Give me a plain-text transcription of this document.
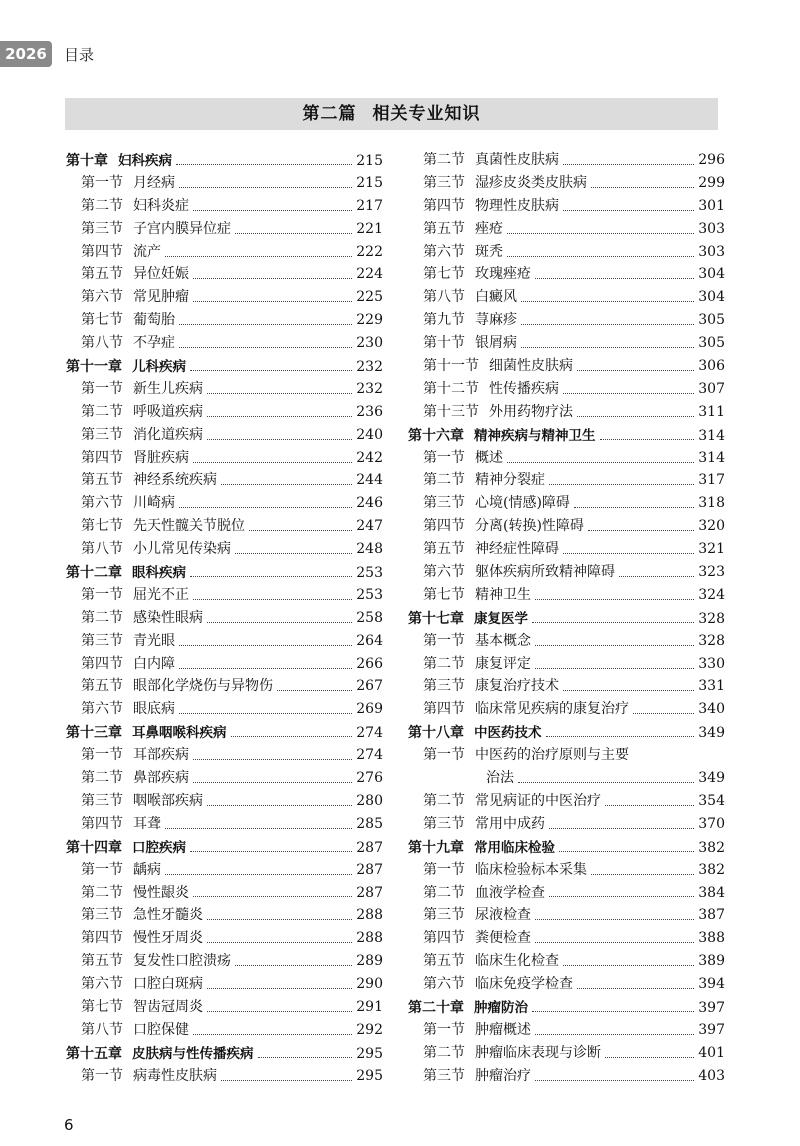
2026	目录
第二篇 相关专业知识
第十章 妇科疾病	215
第一节 月经病	215
第二节 妇科炎症	217
第三节 子宫内膜异位症	221
第四节 流产	222
第五节 异位妊娠	224
第六节 常见肿瘤	225
第七节 葡萄胎	229
第八节 不孕症	230
第十一章 儿科疾病	232
第一节 新生儿疾病	232
第二节 呼吸道疾病	236
第三节 消化道疾病	240
第四节 肾脏疾病	242
第五节 神经系统疾病	244
第六节 川崎病	246
第七节 先天性髋关节脱位	247
第八节 小儿常见传染病	248
第十二章 眼科疾病	253
第一节 屈光不正	253
第二节 感染性眼病	258
第三节 青光眼	264
第四节 白内障	266
第五节 眼部化学烧伤与异物伤	267
第六节 眼底病	269
第十三章 耳鼻咽喉科疾病	274
第一节 耳部疾病	274
第二节 鼻部疾病	276
第三节 咽喉部疾病	280
第四节 耳聋	285
第十四章 口腔疾病	287
第一节 龋病	287
第二节 慢性龈炎	287
第三节 急性牙髓炎	288
第四节 慢性牙周炎	288
第五节 复发性口腔溃疡	289
第六节 口腔白斑病	290
第七节 智齿冠周炎	291
第八节 口腔保健	292
第十五章 皮肤病与性传播疾病	295
第一节 病毒性皮肤病	295
第二节 真菌性皮肤病	296
第三节 湿疹皮炎类皮肤病	299
第四节 物理性皮肤病	301
第五节 痤疮	303
第六节 斑秃	303
第七节 玫瑰痤疮	304
第八节 白癜风	304
第九节 荨麻疹	305
第十节 银屑病	305
第十一节 细菌性皮肤病	306
第十二节 性传播疾病	307
第十三节 外用药物疗法	311
第十六章 精神疾病与精神卫生	314
第一节 概述	314
第二节 精神分裂症	317
第三节 心境(情感)障碍	318
第四节 分离(转换)性障碍	320
第五节 神经症性障碍	321
第六节 躯体疾病所致精神障碍	323
第七节 精神卫生	324
第十七章 康复医学	328
第一节 基本概念	328
第二节 康复评定	330
第三节 康复治疗技术	331
第四节 临床常见疾病的康复治疗	340
第十八章 中医药技术	349
第一节 中医药的治疗原则与主要
治法	349
第二节 常见病证的中医治疗	354
第三节 常用中成药	370
第十九章 常用临床检验	382
第一节 临床检验标本采集	382
第二节 血液学检查	384
第三节 尿液检查	387
第四节 粪便检查	388
第五节 临床生化检查	389
第六节 临床免疫学检查	394
第二十章 肿瘤防治	397
第一节 肿瘤概述	397
第二节 肿瘤临床表现与诊断	401
第三节 肿瘤治疗	403
6
